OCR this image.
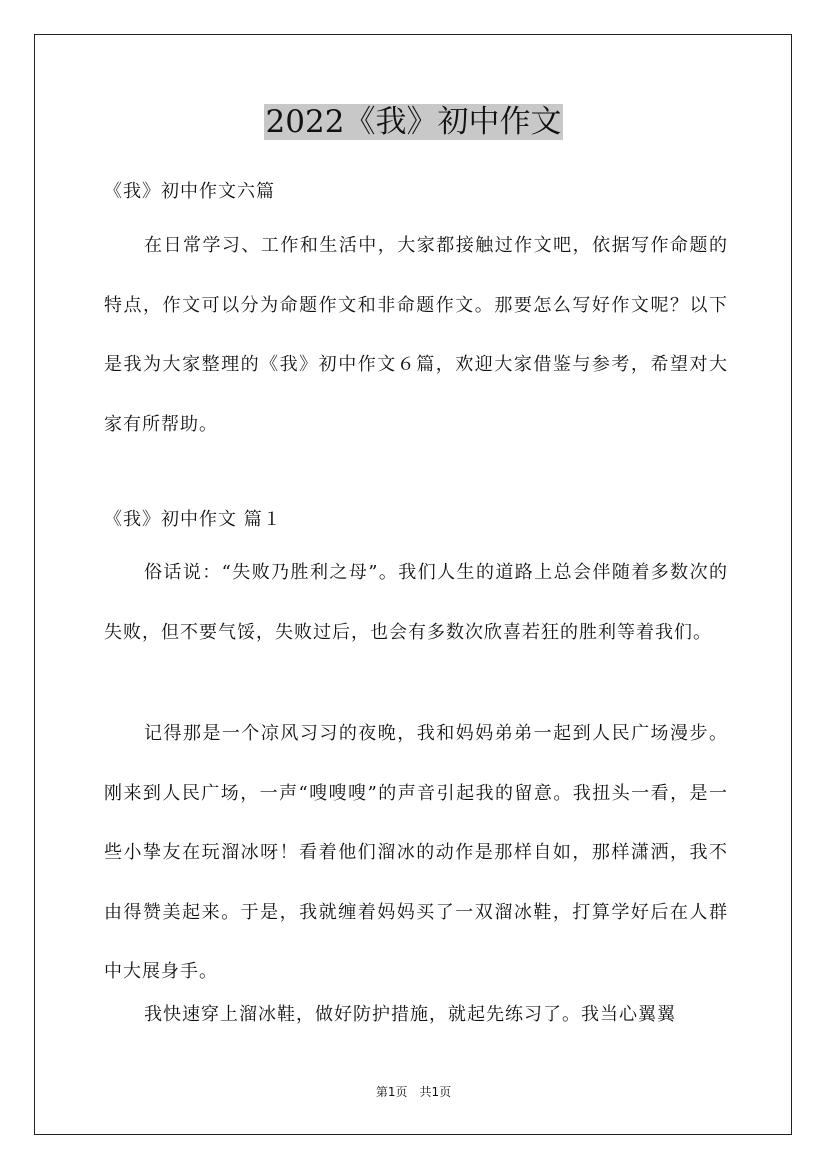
2022《我》初中作文
《我》初中作文六篇

在日常学习、工作和生活中，大家都接触过作文吧，依据写作命题的特点，作文可以分为命题作文和非命题作文。那要怎么写好作文呢？以下是我为大家整理的《我》初中作文６篇，欢迎大家借鉴与参考，希望对大家有所帮助。

《我》初中作文 篇１

俗话说：“失败乃胜利之母”。我们人生的道路上总会伴随着多数次的失败，但不要气馁，失败过后，也会有多数次欣喜若狂的胜利等着我们。

记得那是一个凉风习习的夜晚，我和妈妈弟弟一起到人民广场漫步。刚来到人民广场，一声“嗖嗖嗖”的声音引起我的留意。我扭头一看，是一些小挚友在玩溜冰呀！看着他们溜冰的动作是那样自如，那样潇洒，我不由得赞美起来。于是，我就缠着妈妈买了一双溜冰鞋，打算学好后在人群中大展身手。

我快速穿上溜冰鞋，做好防护措施，就起先练习了。我当心翼翼

第1页　共1页
